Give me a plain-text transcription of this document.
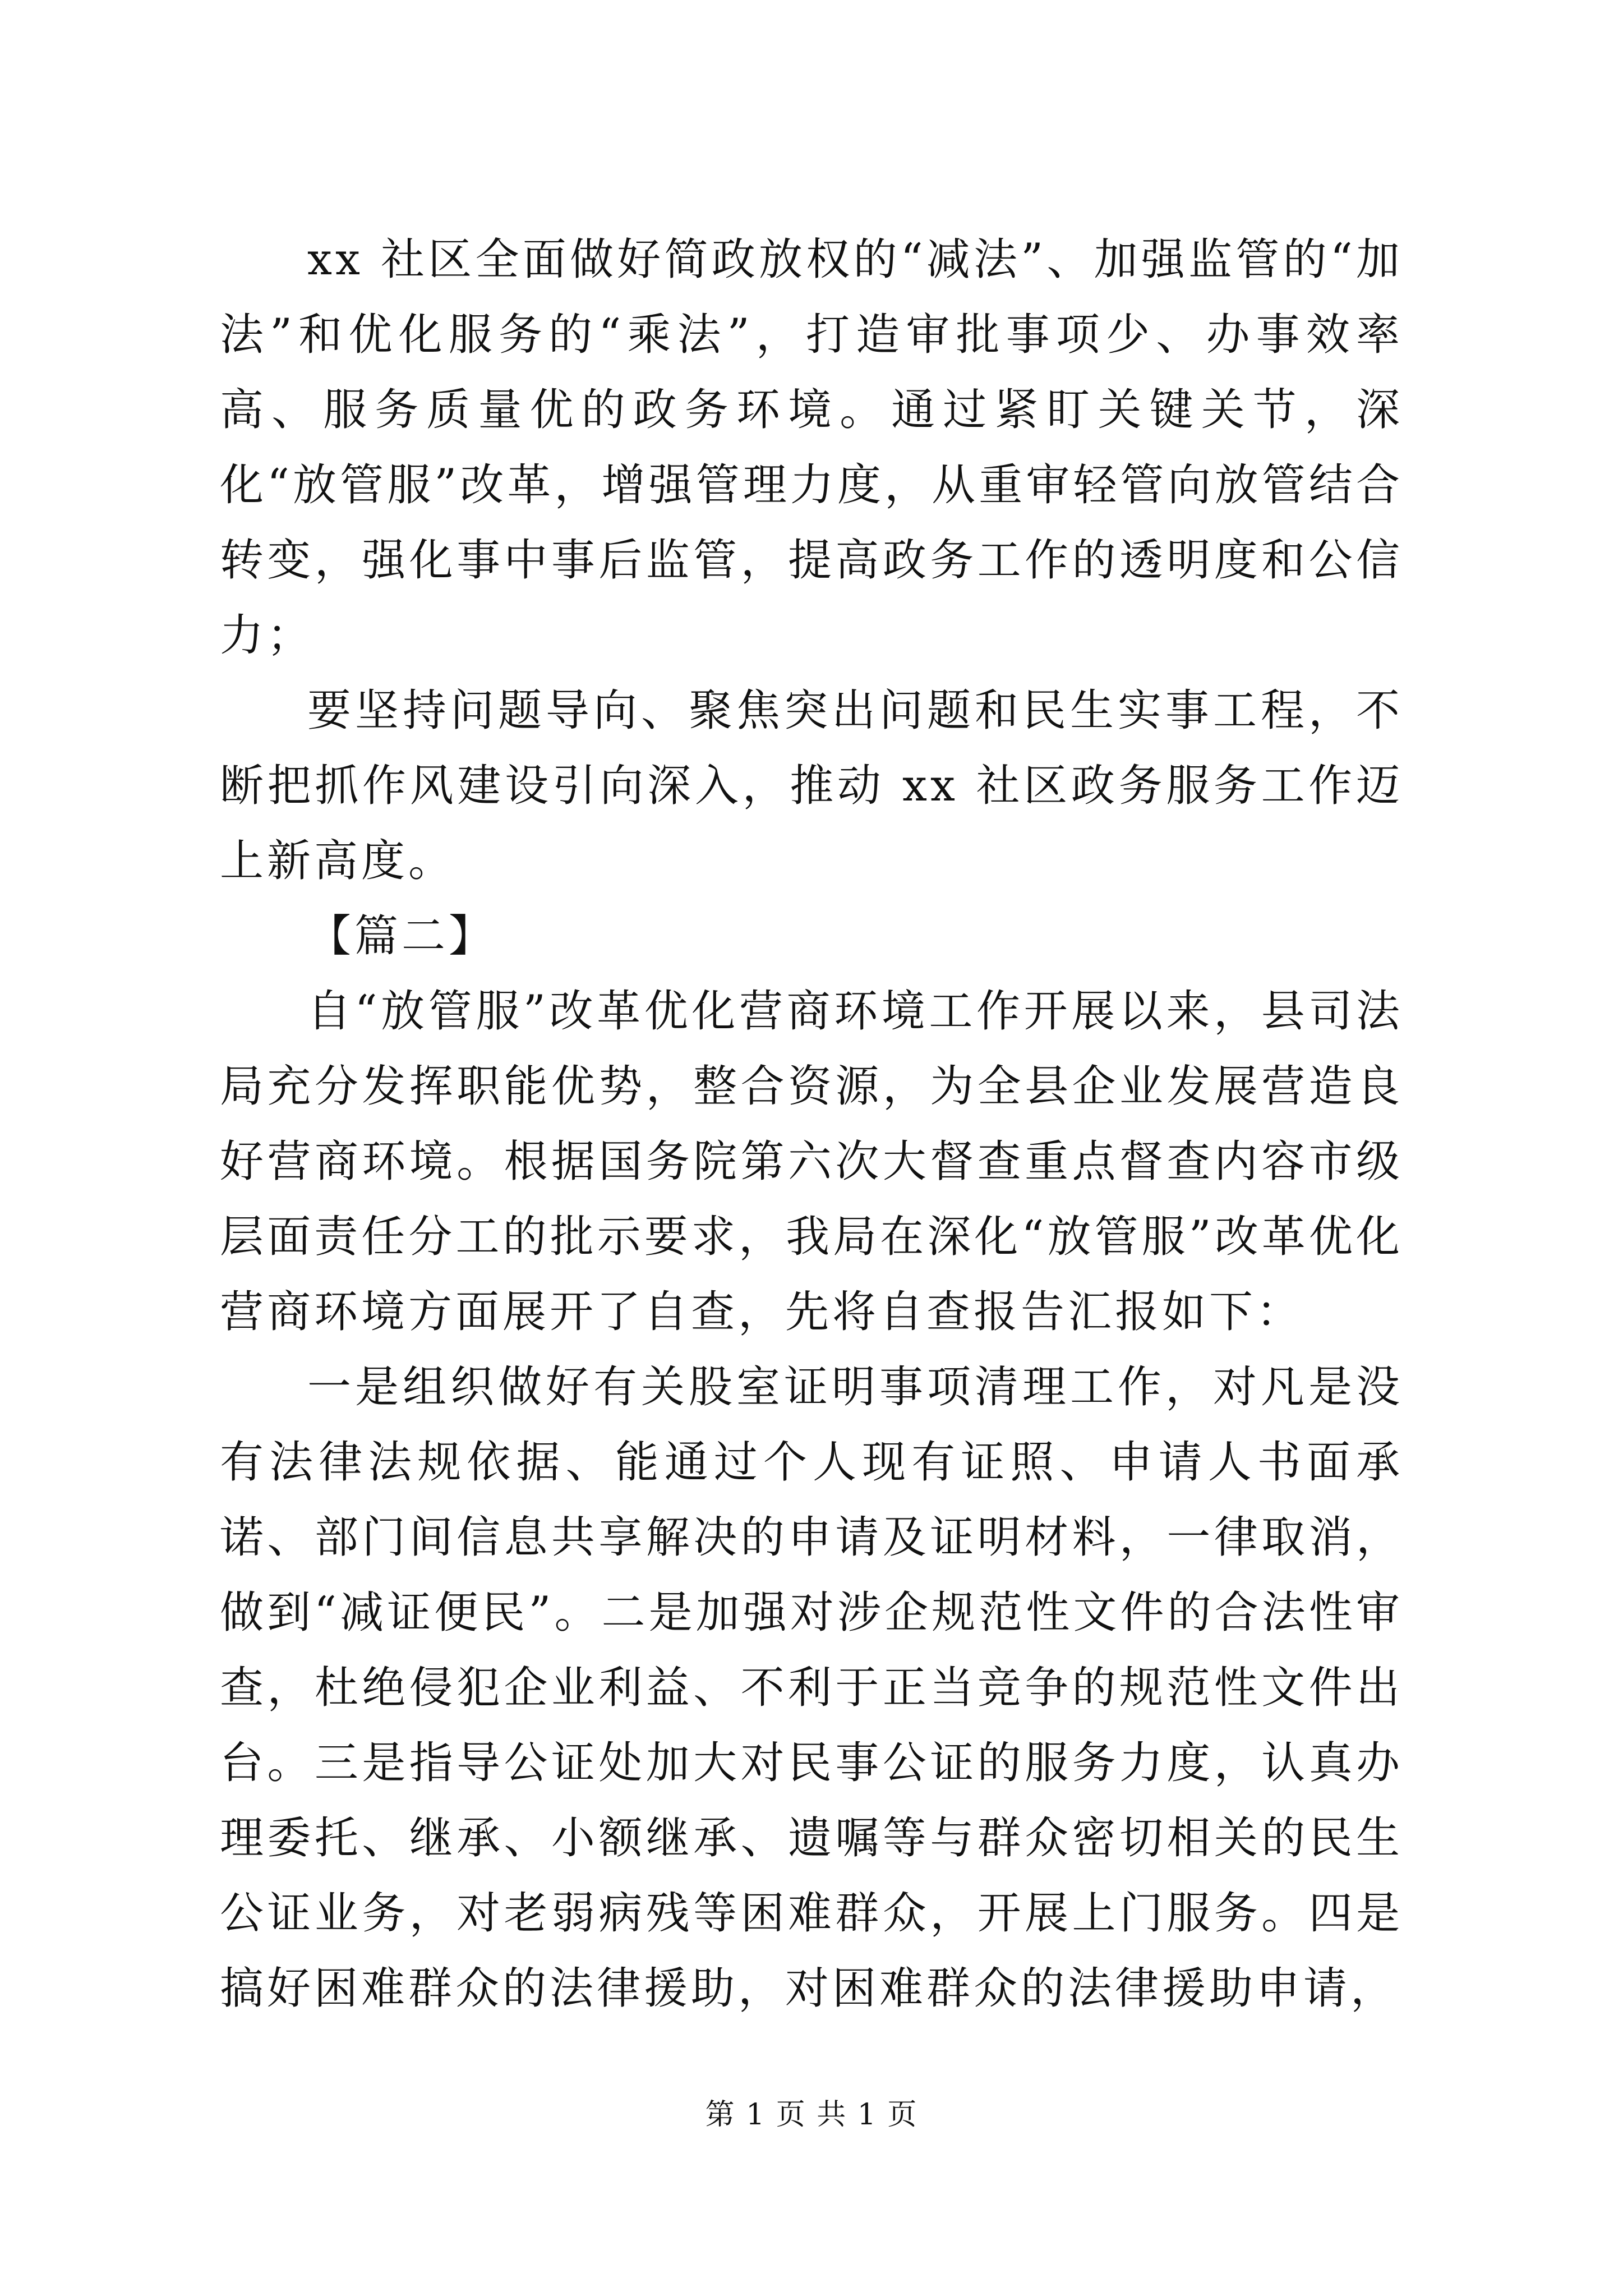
xx 社区全面做好简政放权的“减法”、加强监管的“加法”和优化服务的“乘法”，打造审批事项少、办事效率高、服务质量优的政务环境。通过紧盯关键关节，深化“放管服”改革，增强管理力度，从重审轻管向放管结合转变，强化事中事后监管，提高政务工作的透明度和公信力；

要坚持问题导向、聚焦突出问题和民生实事工程，不断把抓作风建设引向深入，推动 xx 社区政务服务工作迈上新高度。

【篇二】

自“放管服”改革优化营商环境工作开展以来，县司法局充分发挥职能优势，整合资源，为全县企业发展营造良好营商环境。根据国务院第六次大督查重点督查内容市级层面责任分工的批示要求，我局在深化“放管服”改革优化营商环境方面展开了自查，先将自查报告汇报如下：

一是组织做好有关股室证明事项清理工作，对凡是没有法律法规依据、能通过个人现有证照、申请人书面承诺、部门间信息共享解决的申请及证明材料，一律取消，做到“减证便民”。二是加强对涉企规范性文件的合法性审查，杜绝侵犯企业利益、不利于正当竞争的规范性文件出台。三是指导公证处加大对民事公证的服务力度，认真办理委托、继承、小额继承、遗嘱等与群众密切相关的民生公证业务，对老弱病残等困难群众，开展上门服务。四是搞好困难群众的法律援助，对困难群众的法律援助申请，

第 1 页 共 1 页
